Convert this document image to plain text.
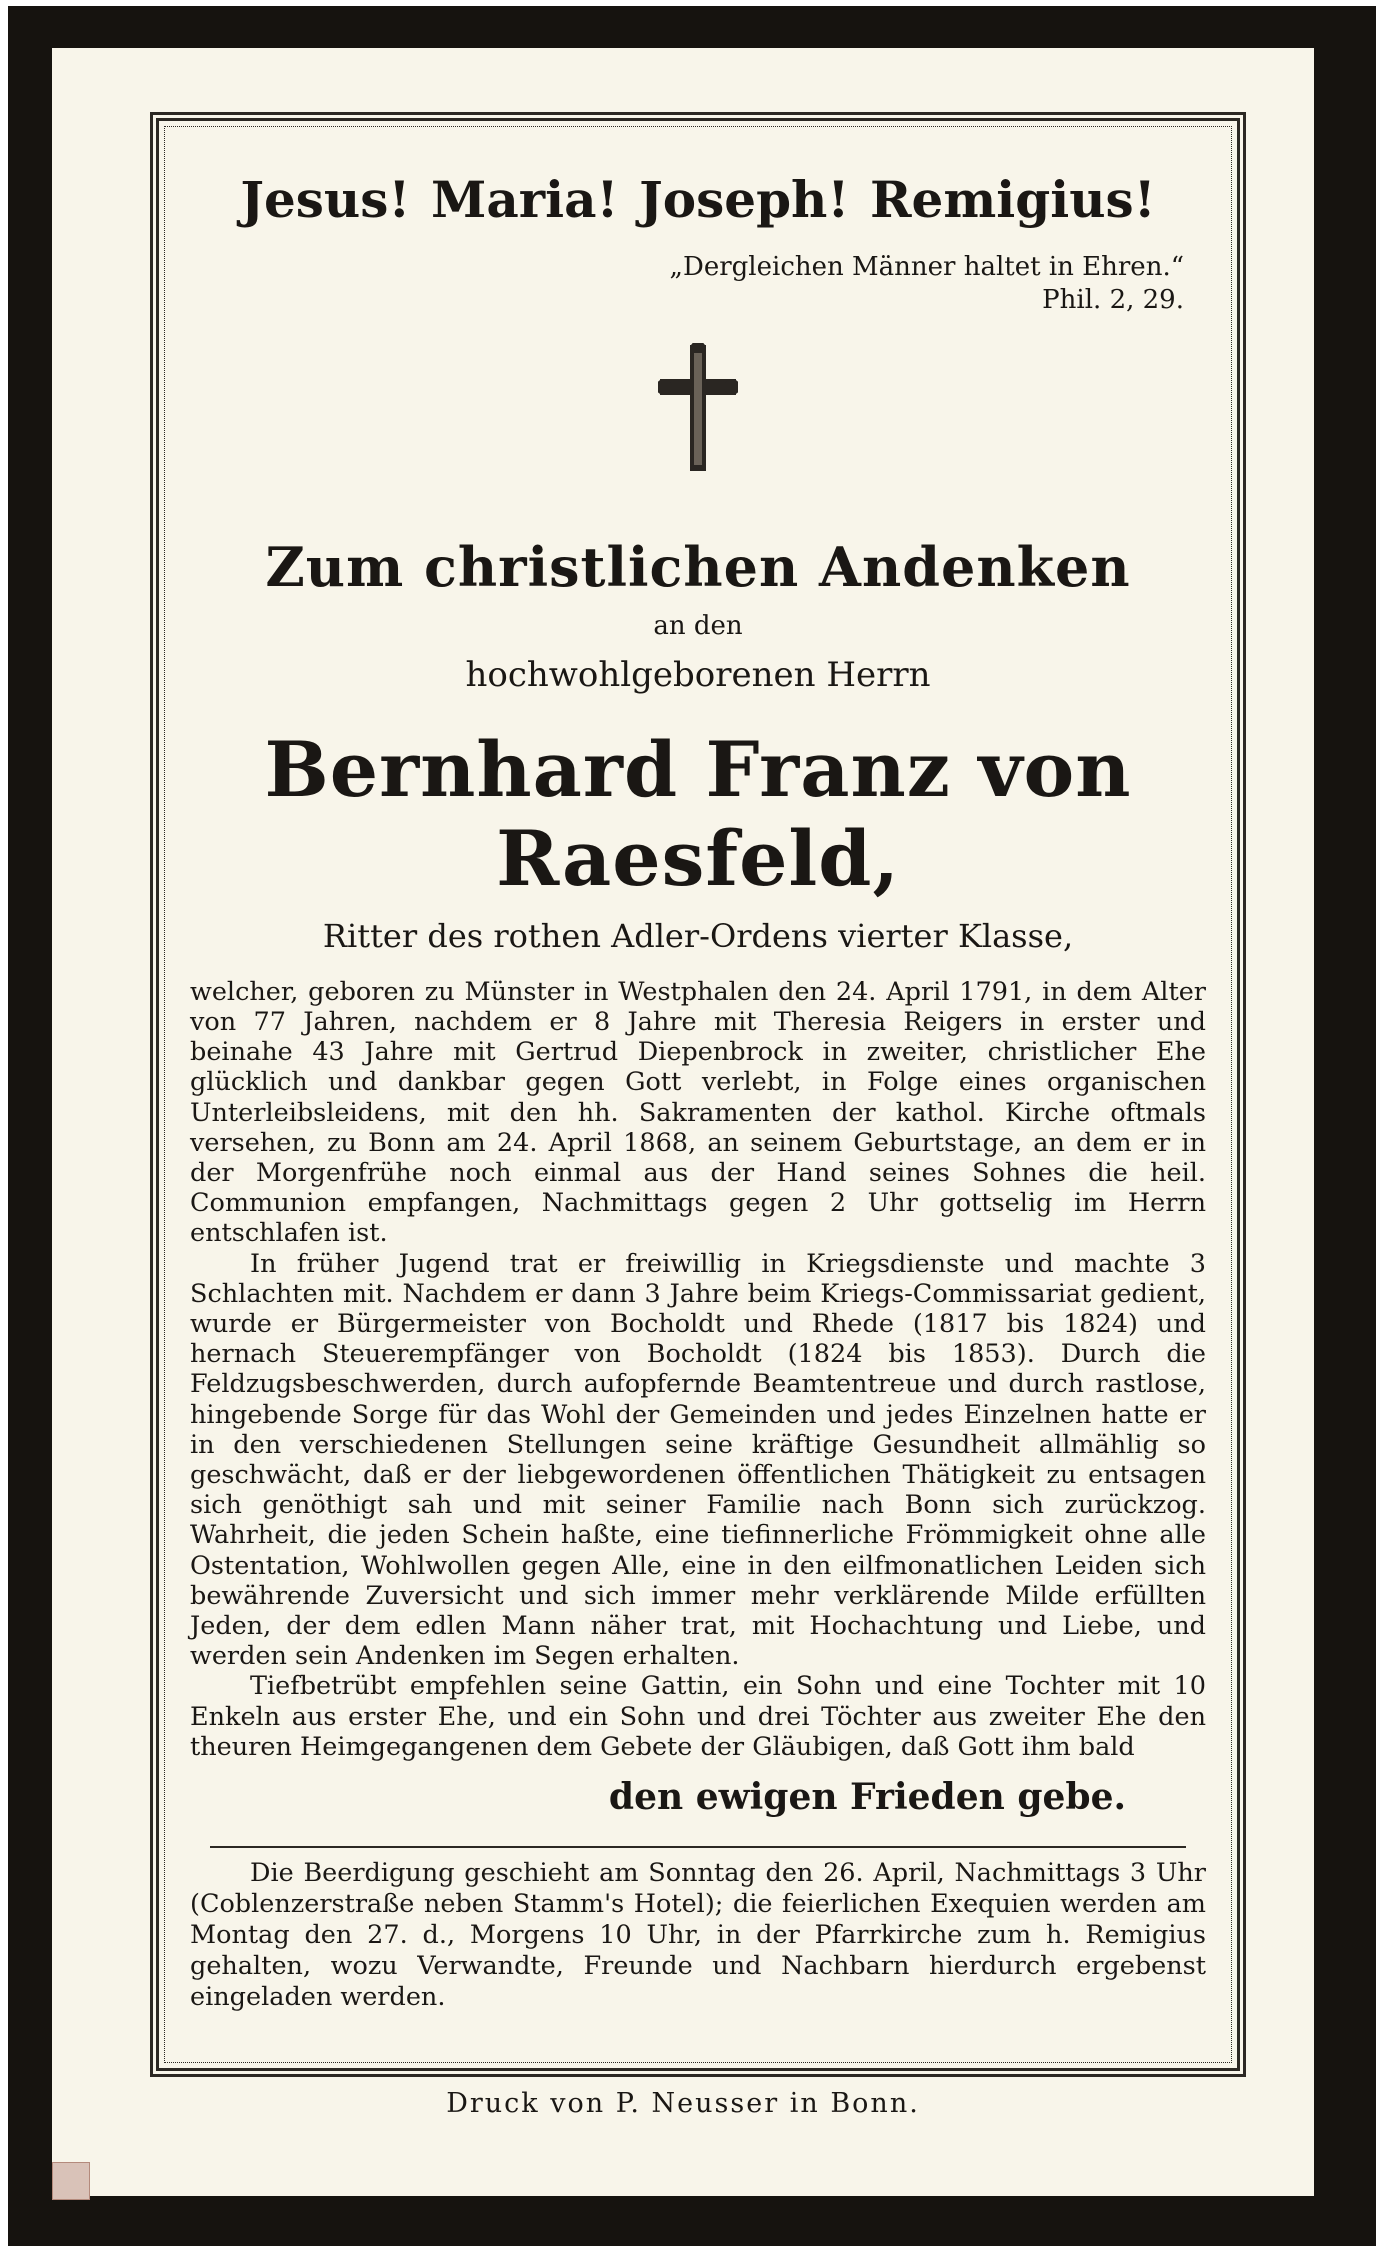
Jesus! Maria! Joseph! Remigius!
„Dergleichen Männer haltet in Ehren.“
Phil. 2, 29.
Zum christlichen Andenken
an den
hochwohlgeborenen Herrn
Bernhard Franz von Raesfeld,
Ritter des rothen Adler-Ordens vierter Klasse,

welcher, geboren zu Münster in Westphalen den 24. April 1791, in dem Alter von 77 Jahren, nachdem er 8 Jahre mit Theresia Reigers in erster und beinahe 43 Jahre mit Gertrud Diepenbrock in zweiter, christlicher Ehe glücklich und dankbar gegen Gott verlebt, in Folge eines organischen Unterleibsleidens, mit den hh. Sakramenten der kathol. Kirche oftmals versehen, zu Bonn am 24. April 1868, an seinem Geburtstage, an dem er in der Morgenfrühe noch einmal aus der Hand seines Sohnes die heil. Communion empfangen, Nachmittags gegen 2 Uhr gottselig im Herrn entschlafen ist.

In früher Jugend trat er freiwillig in Kriegsdienste und machte 3 Schlachten mit. Nachdem er dann 3 Jahre beim Kriegs-Commissariat gedient, wurde er Bürgermeister von Bocholdt und Rhede (1817 bis 1824) und hernach Steuerempfänger von Bocholdt (1824 bis 1853). Durch die Feldzugsbeschwerden, durch aufopfernde Beamtentreue und durch rastlose, hingebende Sorge für das Wohl der Gemeinden und jedes Einzelnen hatte er in den verschiedenen Stellungen seine kräftige Gesundheit allmählig so geschwächt, daß er der liebgewordenen öffentlichen Thätigkeit zu entsagen sich genöthigt sah und mit seiner Familie nach Bonn sich zurückzog. Wahrheit, die jeden Schein haßte, eine tiefinnerliche Frömmigkeit ohne alle Ostentation, Wohlwollen gegen Alle, eine in den eilfmonatlichen Leiden sich bewährende Zuversicht und sich immer mehr verklärende Milde erfüllten Jeden, der dem edlen Mann näher trat, mit Hochachtung und Liebe, und werden sein Andenken im Segen erhalten.

Tiefbetrübt empfehlen seine Gattin, ein Sohn und eine Tochter mit 10 Enkeln aus erster Ehe, und ein Sohn und drei Töchter aus zweiter Ehe den theuren Heimgegangenen dem Gebete der Gläubigen, daß Gott ihm bald

den ewigen Frieden gebe.

Die Beerdigung geschieht am Sonntag den 26. April, Nachmittags 3 Uhr (Coblenzerstraße neben Stamm's Hotel); die feierlichen Exequien werden am Montag den 27. d., Morgens 10 Uhr, in der Pfarrkirche zum h. Remigius gehalten, wozu Verwandte, Freunde und Nachbarn hierdurch ergebenst eingeladen werden.

Druck von P. Neusser in Bonn.
